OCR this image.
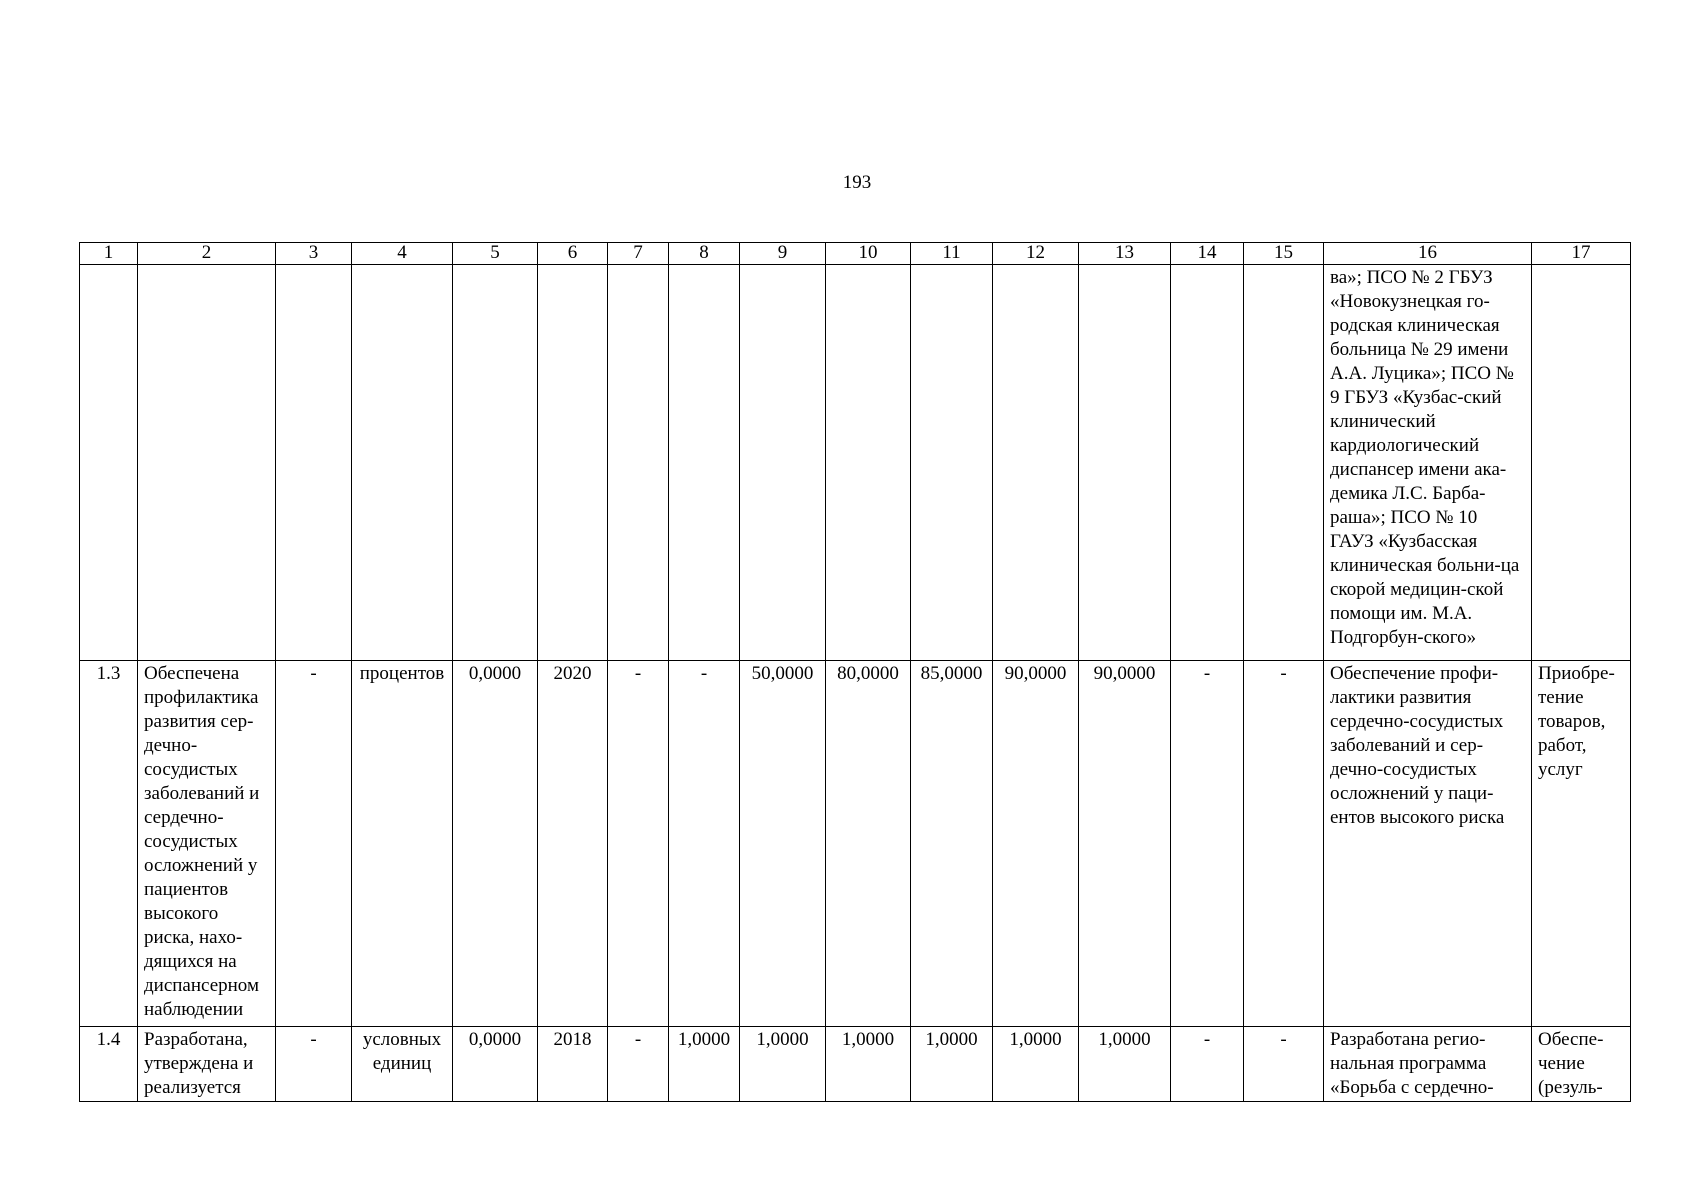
193
1	2	3	4	5	6	7	8	9	10	11	12	13	14	15	16	17
															ва»; ПСО № 2 ГБУЗ «Новокузнецкая го-родская клиническая больница № 29 имени А.А. Луцика»; ПСО № 9 ГБУЗ «Кузбас-ский клинический кардиологический диспансер имени ака-демика Л.С. Барба-раша»; ПСО № 10 ГАУЗ «Кузбасская клиническая больни-ца скорой медицин-ской помощи им. М.А. Подгорбун-ского»	
1.3	Обеспечена профилактика развития сер-дечно-сосудистых заболеваний и сердечно-сосудистых осложнений у пациентов высокого риска, нахо-дящихся на диспансерном наблюдении	-	процентов	0,0000	2020	-	-	50,0000	80,0000	85,0000	90,0000	90,0000	-	-	Обеспечение профи-лактики развития сердечно-сосудистых заболеваний и сер-дечно-сосудистых осложнений у паци-ентов высокого риска	Приобре-тение товаров, работ, услуг
1.4	Разработана, утверждена и реализуется	-	условных единиц	0,0000	2018	-	1,0000	1,0000	1,0000	1,0000	1,0000	1,0000	-	-	Разработана регио-нальная программа «Борьба с сердечно-	Обеспе-чение (резуль-
